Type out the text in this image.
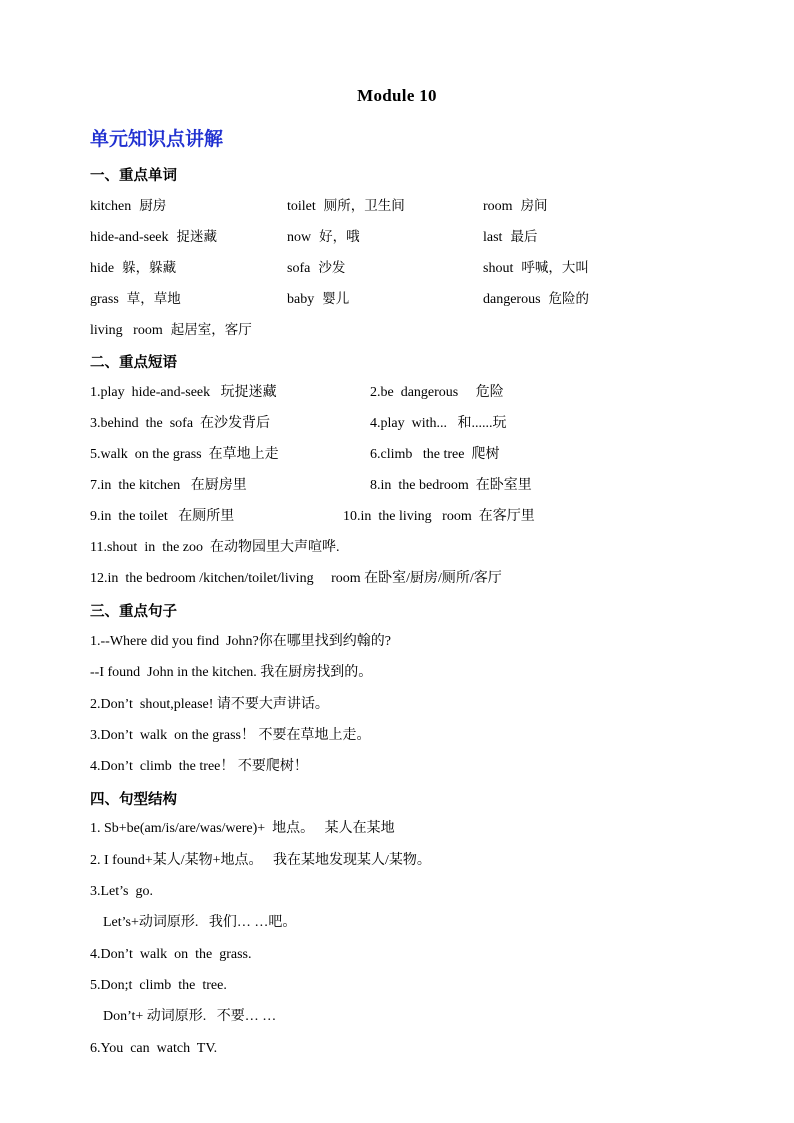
Module 10
单元知识点讲解
一、重点单词
kitchen 厨房	toilet 厕所，卫生间	room 房间
hide-and-seek 捉迷藏	now 好，哦	last 最后
hide 躲，躲藏	sofa 沙发	shout 呼喊，大叫
grass 草，草地	baby 婴儿	dangerous 危险的
living   room 起居室，客厅
二、重点短语
1.play  hide-and-seek   玩捉迷藏	2.be  dangerous     危险
3.behind  the  sofa  在沙发背后	4.play  with...   和......玩
5.walk  on the grass  在草地上走	6.climb   the tree  爬树
7.in  the kitchen   在厨房里	8.in  the bedroom  在卧室里
9.in  the toilet   在厕所里	10.in  the living   room  在客厅里
11.shout  in  the zoo  在动物园里大声喧哗.
12.in  the bedroom /kitchen/toilet/living     room 在卧室/厨房/厕所/客厅
三、重点句子
1.--Where did you find  John?你在哪里找到约翰的?
--I found  John in the kitchen. 我在厨房找到的。
2.Don’t  shout,please! 请不要大声讲话。
3.Don’t  walk  on the grass！ 不要在草地上走。
4.Don’t  climb  the tree！ 不要爬树！
四、句型结构
1. Sb+be(am/is/are/was/were)+  地点。   某人在某地
2. I found+某人/某物+地点。   我在某地发现某人/某物。
3.Let’s  go.
Let’s+动词原形.   我们… …吧。
4.Don’t  walk  on  the  grass.
5.Don;t  climb  the  tree.
Don’t+ 动词原形.   不要… …
6.You  can  watch  TV.
